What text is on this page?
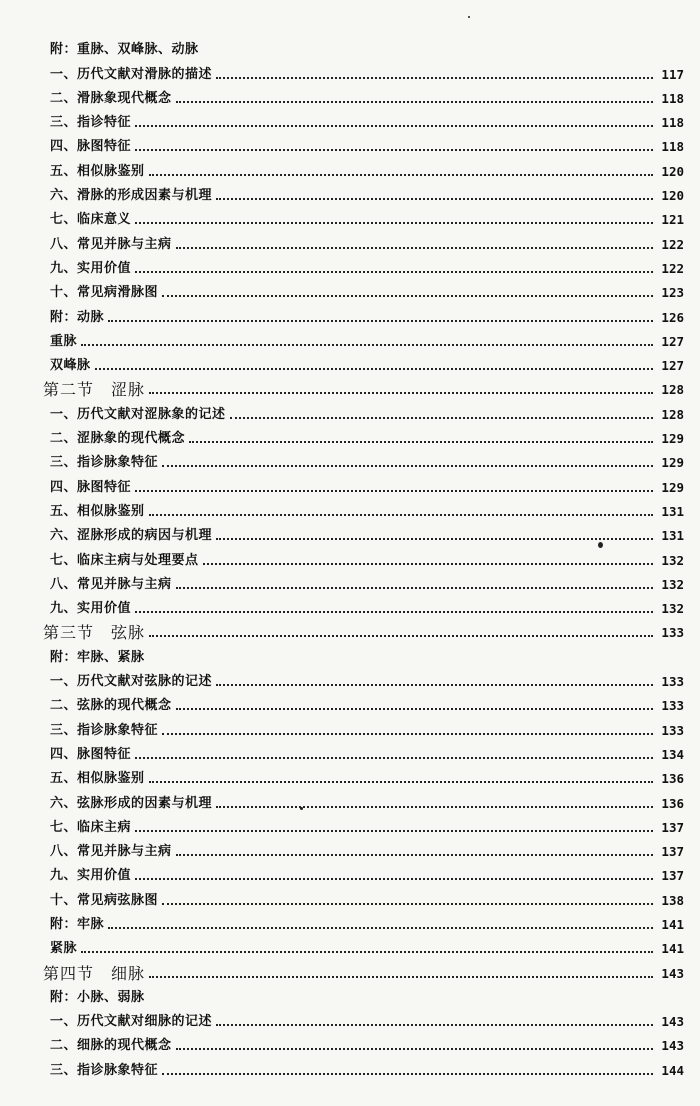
附：重脉、双峰脉、动脉
一、历代文献对滑脉的描述	117
二、滑脉象现代概念	118
三、指诊特征	118
四、脉图特征	118
五、相似脉鉴别	120
六、滑脉的形成因素与机理	120
七、临床意义	121
八、常见并脉与主病	122
九、实用价值	122
十、常见病滑脉图	123
附：动脉	126
重脉	127
双峰脉	127
第二节　涩脉	128
一、历代文献对涩脉象的记述	128
二、涩脉象的现代概念	129
三、指诊脉象特征	129
四、脉图特征	129
五、相似脉鉴别	131
六、涩脉形成的病因与机理	131
七、临床主病与处理要点	132
八、常见并脉与主病	132
九、实用价值	132
第三节　弦脉	133
附：牢脉、紧脉
一、历代文献对弦脉的记述	133
二、弦脉的现代概念	133
三、指诊脉象特征	133
四、脉图特征	134
五、相似脉鉴别	136
六、弦脉形成的因素与机理	136
七、临床主病	137
八、常见并脉与主病	137
九、实用价值	137
十、常见病弦脉图	138
附：牢脉	141
紧脉	141
第四节　细脉	143
附：小脉、弱脉
一、历代文献对细脉的记述	143
二、细脉的现代概念	143
三、指诊脉象特征	144
